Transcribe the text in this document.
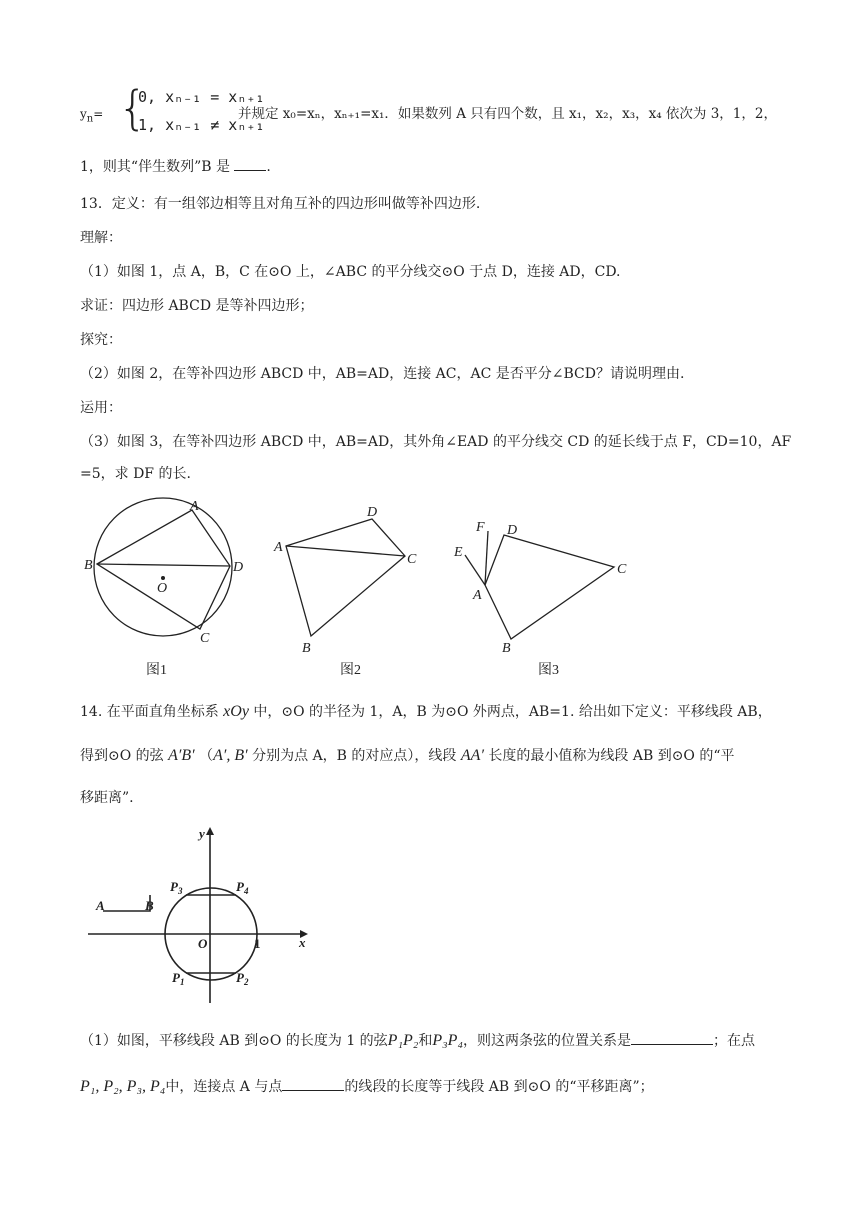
$y_n=$ {
0, xₙ₋₁ = xₙ₊₁
1, xₙ₋₁ ≠ xₙ₊₁
并规定 x₀=xₙ，xₙ₊₁=x₁．如果数列 A 只有四个数，且 x₁，x₂，x₃，x₄ 依次为 3，1，2，
1，则其“伴生数列”B 是	.
13．定义：有一组邻边相等且对角互补的四边形叫做等补四边形.
理解：
（1）如图 1，点 A，B，C 在⊙O 上，∠ABC 的平分线交⊙O 于点 D，连接 AD，CD.
求证：四边形 ABCD 是等补四边形；
探究：
（2）如图 2，在等补四边形 ABCD 中，AB=AD，连接 AC，AC 是否平分∠BCD？请说明理由.
运用：
（3）如图 3，在等补四边形 ABCD 中，AB=AD，其外角∠EAD 的平分线交 CD 的延长线于点 F，CD=10，AF
=5，求 DF 的长.
A
B
C
D
O
A
B
C
D
A
B
C
D
E
F
图1	图2	图3
14. 在平面直角坐标系 xOy 中，⊙O 的半径为 1，A，B 为⊙O 外两点，AB=1. 给出如下定义：平移线段 AB，
得到⊙O 的弦 A′B′ （A′, B′ 分别为点 A，B 的对应点），线段 AA′ 长度的最小值称为线段 AB 到⊙O 的“平
移距离”.
y
x
O	1
A	B
$P_3$	$P_4$
$P_1$	$P_2$
（1）如图，平移线段 AB 到⊙O 的长度为 1 的弦P₁P₂和P₃P₄，则这两条弦的位置关系是	；在点
P₁, P₂, P₃, P₄中，连接点 A 与点	的线段的长度等于线段 AB 到⊙O 的“平移距离”；
